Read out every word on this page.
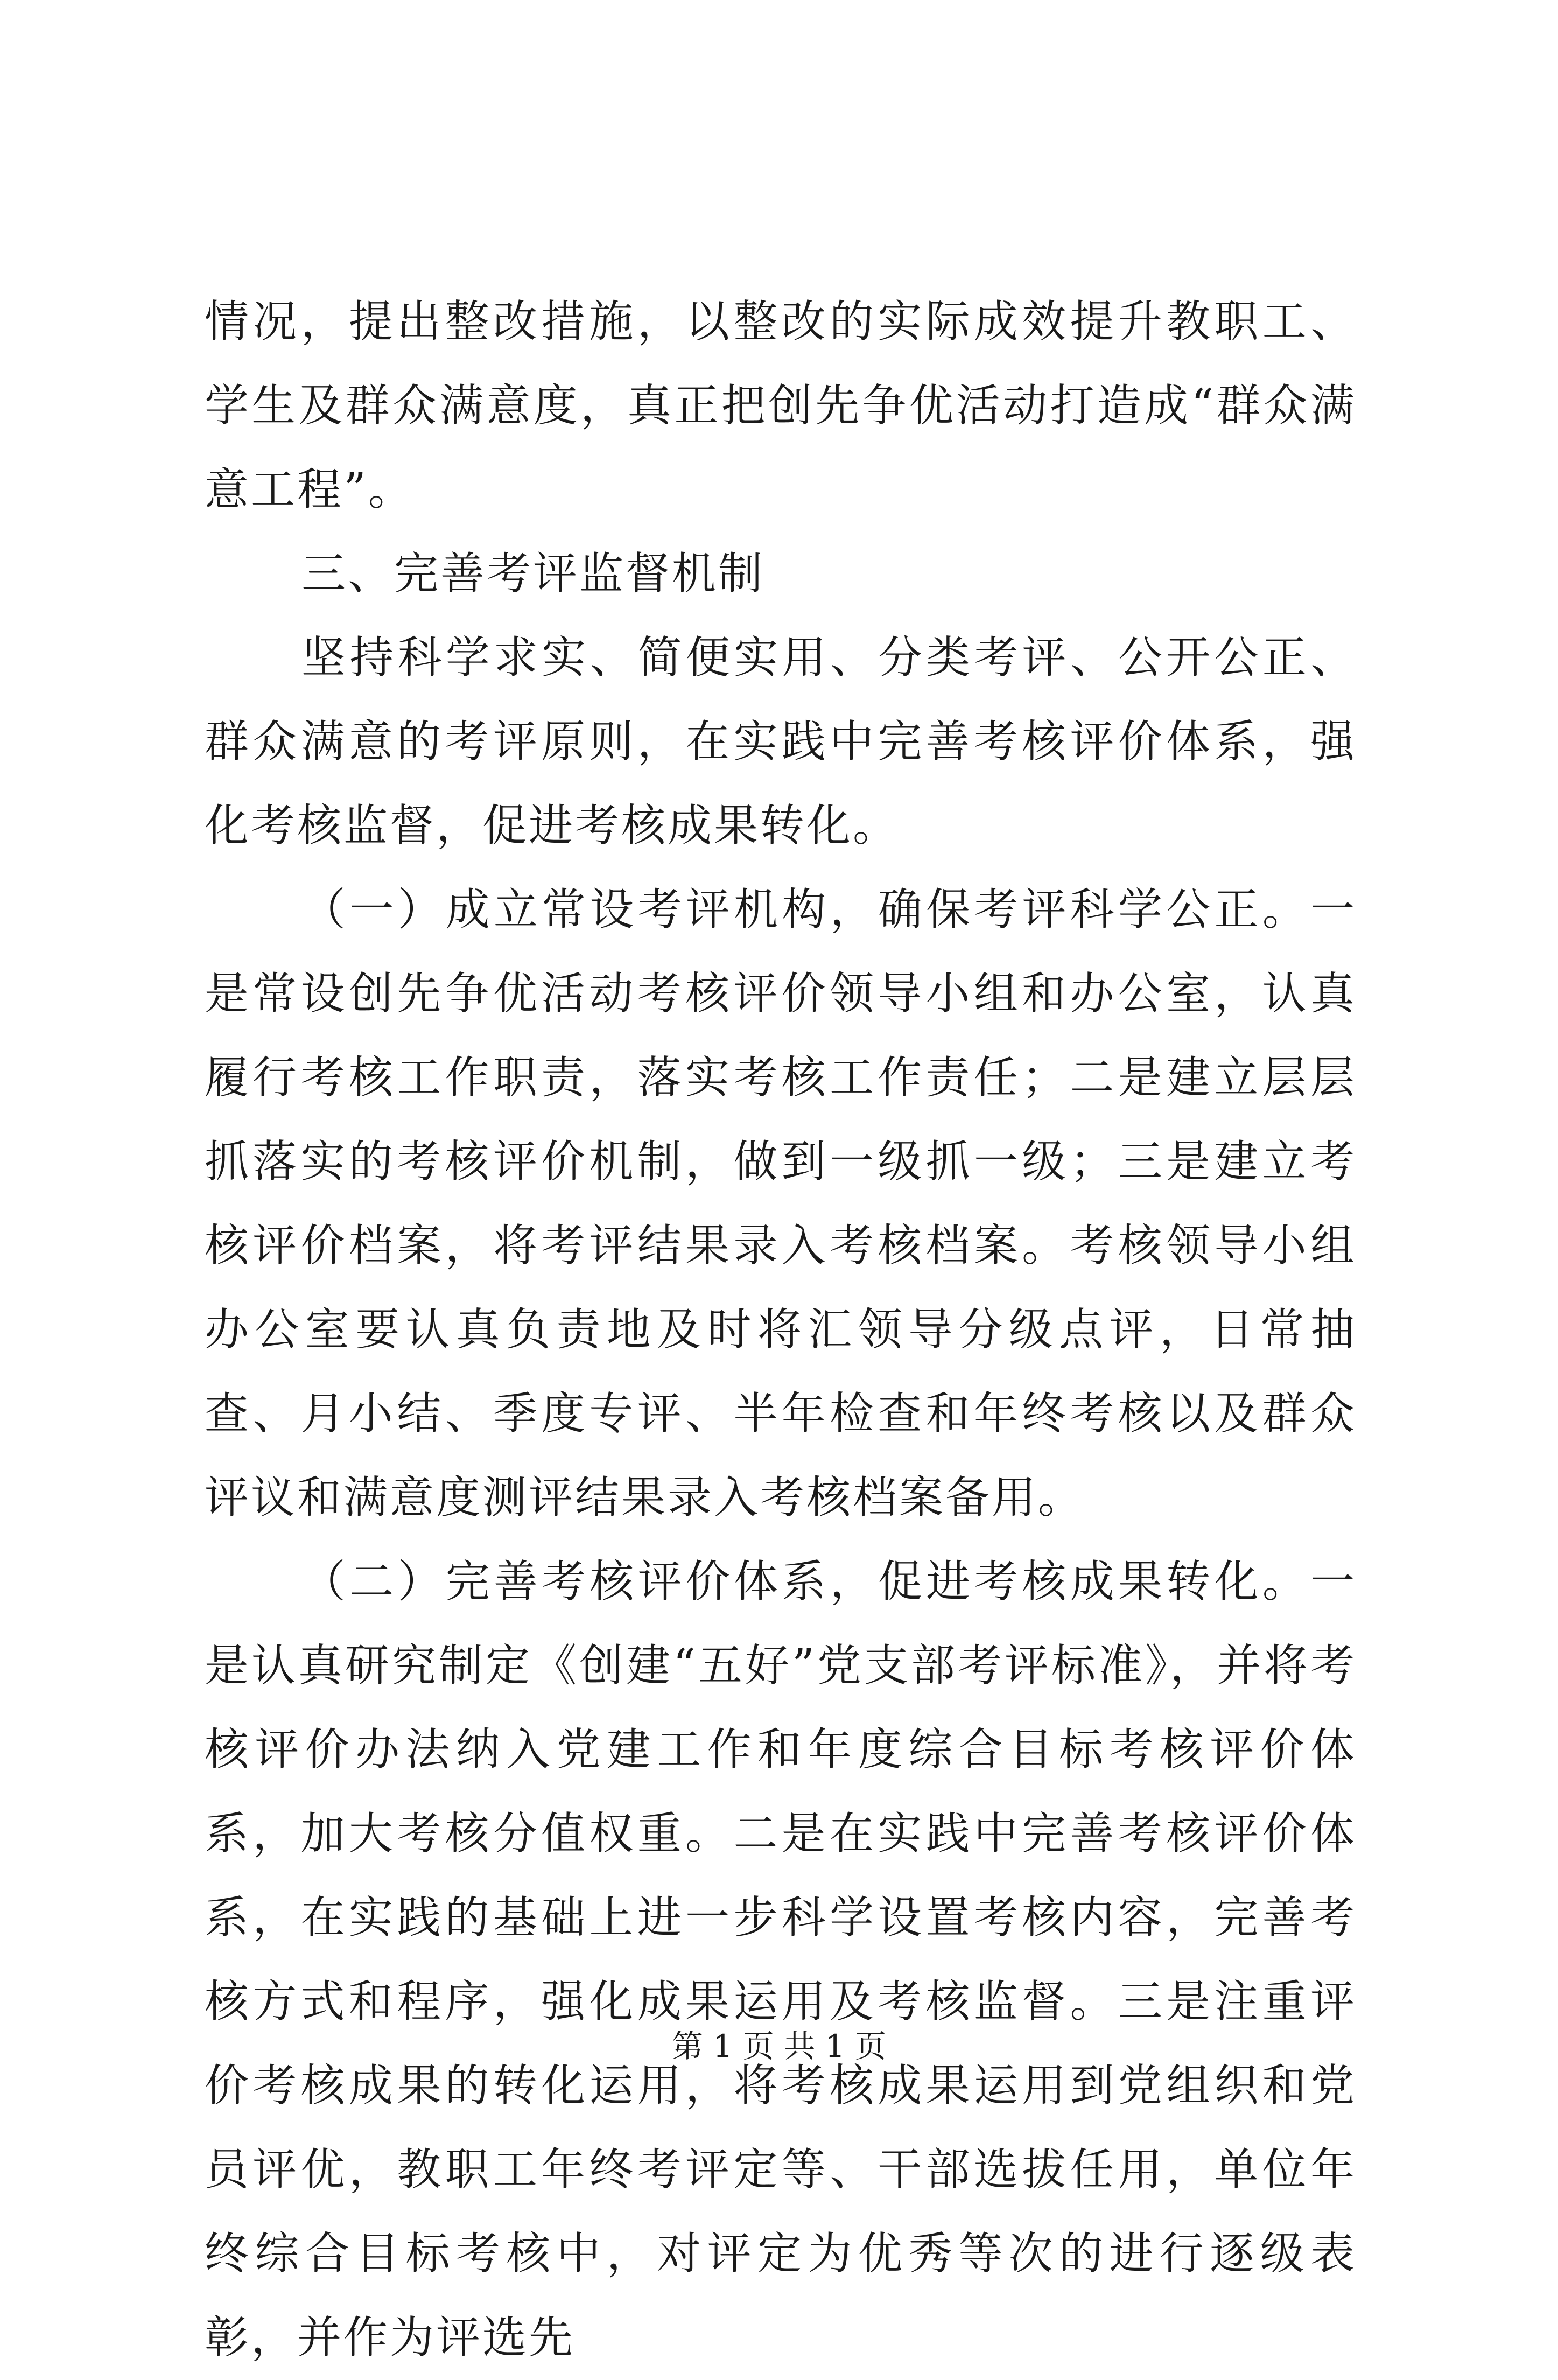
情况，提出整改措施，以整改的实际成效提升教职工、学生及群众满意度，真正把创先争优活动打造成“群众满意工程”。

三、完善考评监督机制

坚持科学求实、简便实用、分类考评、公开公正、群众满意的考评原则，在实践中完善考核评价体系，强化考核监督，促进考核成果转化。

（一）成立常设考评机构，确保考评科学公正。一是常设创先争优活动考核评价领导小组和办公室，认真履行考核工作职责，落实考核工作责任；二是建立层层抓落实的考核评价机制，做到一级抓一级；三是建立考核评价档案，将考评结果录入考核档案。考核领导小组办公室要认真负责地及时将汇领导分级点评，日常抽查、月小结、季度专评、半年检查和年终考核以及群众评议和满意度测评结果录入考核档案备用。

（二）完善考核评价体系，促进考核成果转化。一是认真研究制定《创建“五好”党支部考评标准》，并将考核评价办法纳入党建工作和年度综合目标考核评价体系，加大考核分值权重。二是在实践中完善考核评价体系，在实践的基础上进一步科学设置考核内容，完善考核方式和程序，强化成果运用及考核监督。三是注重评价考核成果的转化运用，将考核成果运用到党组织和党员评优，教职工年终考评定等、干部选拔任用，单位年终综合目标考核中，对评定为优秀等次的进行逐级表彰，并作为评选先

第 1 页 共 1 页
